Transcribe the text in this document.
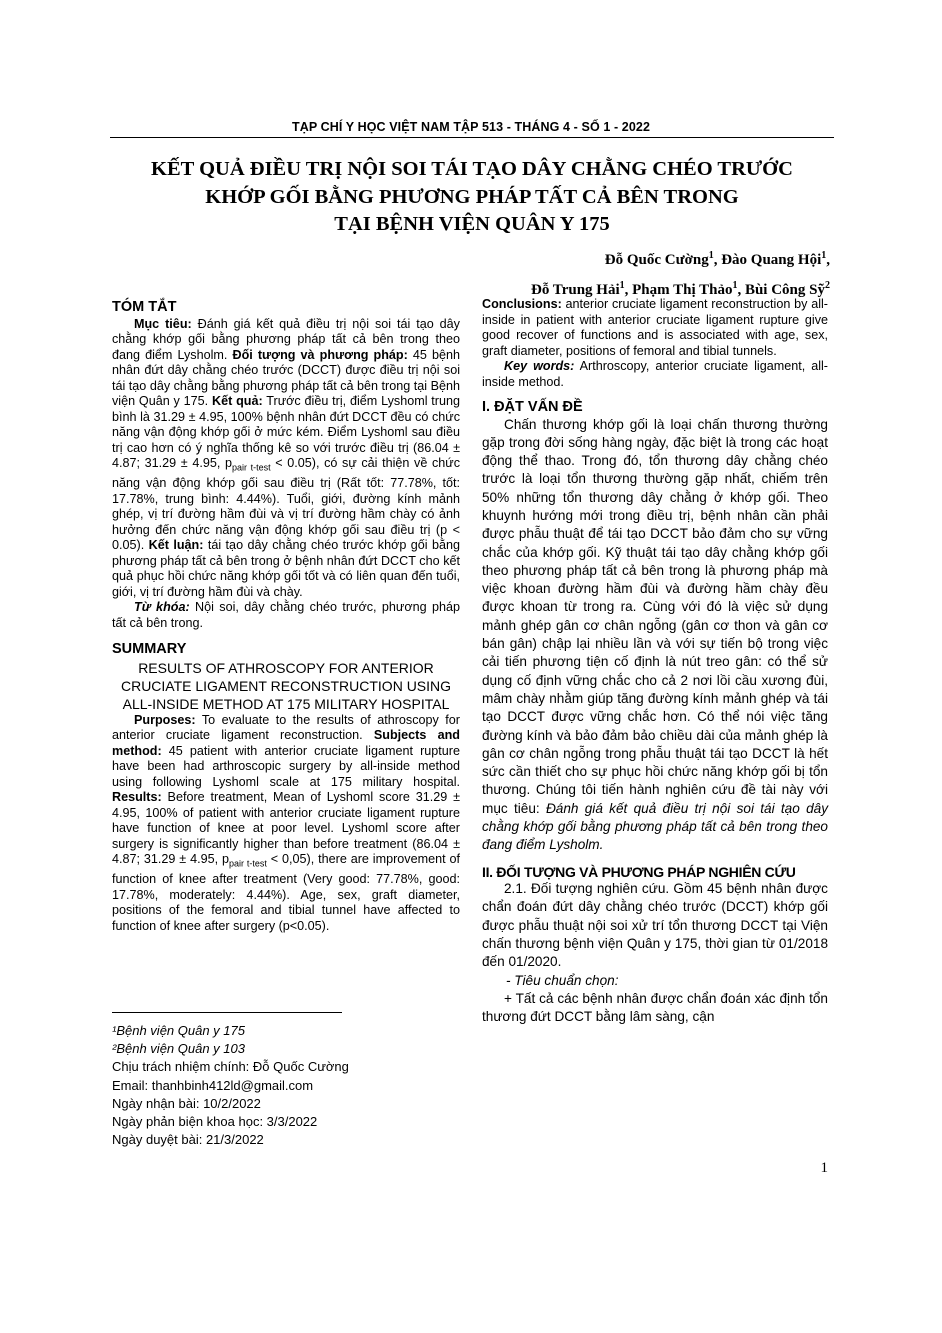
TẠP CHÍ Y HỌC VIỆT NAM TẬP 513 - THÁNG 4 - SỐ 1 - 2022
KẾT QUẢ ĐIỀU TRỊ NỘI SOI TÁI TẠO DÂY CHẰNG CHÉO TRƯỚC
KHỚP GỐI BẰNG PHƯƠNG PHÁP TẤT CẢ BÊN TRONG
TẠI BỆNH VIỆN QUÂN Y 175
Đỗ Quốc Cường$^1$, Đào Quang Hội$^1$,
Đỗ Trung Hải$^1$, Phạm Thị Thảo$^1$, Bùi Công Sỹ$^2$

TÓM TẮT

Mục tiêu: Đánh giá kết quả điều trị nội soi tái tạo dây chằng khớp gối bằng phương pháp tất cả bên trong theo đang điểm Lysholm. Đối tượng và phương pháp: 45 bệnh nhân đứt dây chằng chéo trước (DCCT) được điều trị nội soi tái tạo dây chằng bằng phương pháp tất cả bên trong tại Bệnh viện Quân y 175. Kết quả: Trước điều trị, điểm Lyshoml trung bình là 31.29 ± 4.95, 100% bệnh nhân đứt DCCT đều có chức năng vận động khớp gối ở mức kém. Điểm Lyshoml sau điều trị cao hơn có ý nghĩa thống kê so với trước điều trị (86.04 ± 4.87; 31.29 ± 4.95, $p_{pair t-test} < 0.05$), có sự cải thiện về chức năng vận động khớp gối sau điều trị (Rất tốt: 77.78%, tốt: 17.78%, trung bình: 4.44%). Tuổi, giới, đường kính mảnh ghép, vị trí đường hầm đùi và vị trí đường hầm chày có ảnh hưởng đến chức năng vận động khớp gối sau điều trị (p < 0.05). Kết luận: tái tạo dây chằng chéo trước khớp gối bằng phương pháp tất cả bên trong ở bệnh nhân đứt DCCT cho kết quả phục hồi chức năng khớp gối tốt và có liên quan đến tuổi, giới, vị trí đường hầm đùi và chày.

Từ khóa: Nội soi, dây chằng chéo trước, phương pháp tất cả bên trong.

SUMMARY

RESULTS OF ATHROSCOPY FOR ANTERIOR CRUCIATE LIGAMENT RECONSTRUCTION USING ALL-INSIDE METHOD AT 175 MILITARY HOSPITAL

Purposes: To evaluate to the results of athroscopy for anterior cruciate ligament reconstruction. Subjects and method: 45 patient with anterior cruciate ligament rupture have been had arthroscopic surgery by all-inside method using following Lyshoml scale at 175 military hospital. Results: Before treatment, Mean of Lyshoml score 31.29 ± 4.95, 100% of patient with anterior cruciate ligament rupture have function of knee at poor level. Lyshoml score after surgery is significantly higher than before treatment (86.04 ± 4.87; 31.29 ± 4.95, $p_{pair t-test} < 0,05$), there are improvement of function of knee after treatment (Very good: 77.78%, good: 17.78%, moderately: 4.44%). Age, sex, graft diameter, positions of the femoral and tibial tunnel have affected to function of knee after surgery (p<0.05).

¹Bệnh viện Quân y 175
²Bệnh viện Quân y 103
Chịu trách nhiệm chính: Đỗ Quốc Cường
Email: thanhbinh412ld@gmail.com
Ngày nhận bài: 10/2/2022
Ngày phản biện khoa học: 3/3/2022
Ngày duyệt bài: 21/3/2022

Conclusions: anterior cruciate ligament reconstruction by all-inside in patient with anterior cruciate ligament rupture give good recover of functions and is associated with age, sex, graft diameter, positions of femoral and tibial tunnels.

Key words: Arthroscopy, anterior cruciate ligament, all-inside method.

I. ĐẶT VẤN ĐỀ

Chấn thương khớp gối là loại chấn thương thường gặp trong đời sống hàng ngày, đặc biệt là trong các hoạt động thể thao. Trong đó, tổn thương dây chằng chéo trước là loại tổn thương thường gặp nhất, chiếm trên 50% những tổn thương dây chằng ở khớp gối. Theo khuynh hướng mới trong điều trị, bệnh nhân cần phải được phẫu thuật để tái tạo DCCT bảo đảm cho sự vững chắc của khớp gối. Kỹ thuật tái tạo dây chằng khớp gối theo phương pháp tất cả bên trong là phương pháp mà việc khoan đường hầm đùi và đường hầm chày đều được khoan từ trong ra. Cùng với đó là việc sử dụng mảnh ghép gân cơ chân ngỗng (gân cơ thon và gân cơ bán gân) chập lại nhiều lần và với sự tiến bộ trong việc cải tiến phương tiện cố định là nút treo gân: có thể sử dụng cố định vững chắc cho cả 2 nơi lồi cầu xương đùi, mâm chày nhằm giúp tăng đường kính mảnh ghép và tái tạo DCCT được vững chắc hơn. Có thể nói việc tăng đường kính và bảo đảm bảo chiều dài của mảnh ghép là gân cơ chân ngỗng trong phẫu thuật tái tạo DCCT là hết sức cần thiết cho sự phục hồi chức năng khớp gối bị tổn thương. Chúng tôi tiến hành nghiên cứu đề tài này với mục tiêu: Đánh giá kết quả điều trị nội soi tái tạo dây chằng khớp gối bằng phương pháp tất cả bên trong theo đang điểm Lysholm.

II. ĐỐI TƯỢNG VÀ PHƯƠNG PHÁP NGHIÊN CỨU

2.1. Đối tượng nghiên cứu. Gồm 45 bệnh nhân được chẩn đoán đứt dây chằng chéo trước (DCCT) khớp gối được phẫu thuật nội soi xử trí tổn thương DCCT tại Viện chấn thương bệnh viện Quân y 175, thời gian từ 01/2018 đến 01/2020.

- Tiêu chuẩn chọn:

+ Tất cả các bệnh nhân được chẩn đoán xác định tổn thương đứt DCCT bằng lâm sàng, cận

1
